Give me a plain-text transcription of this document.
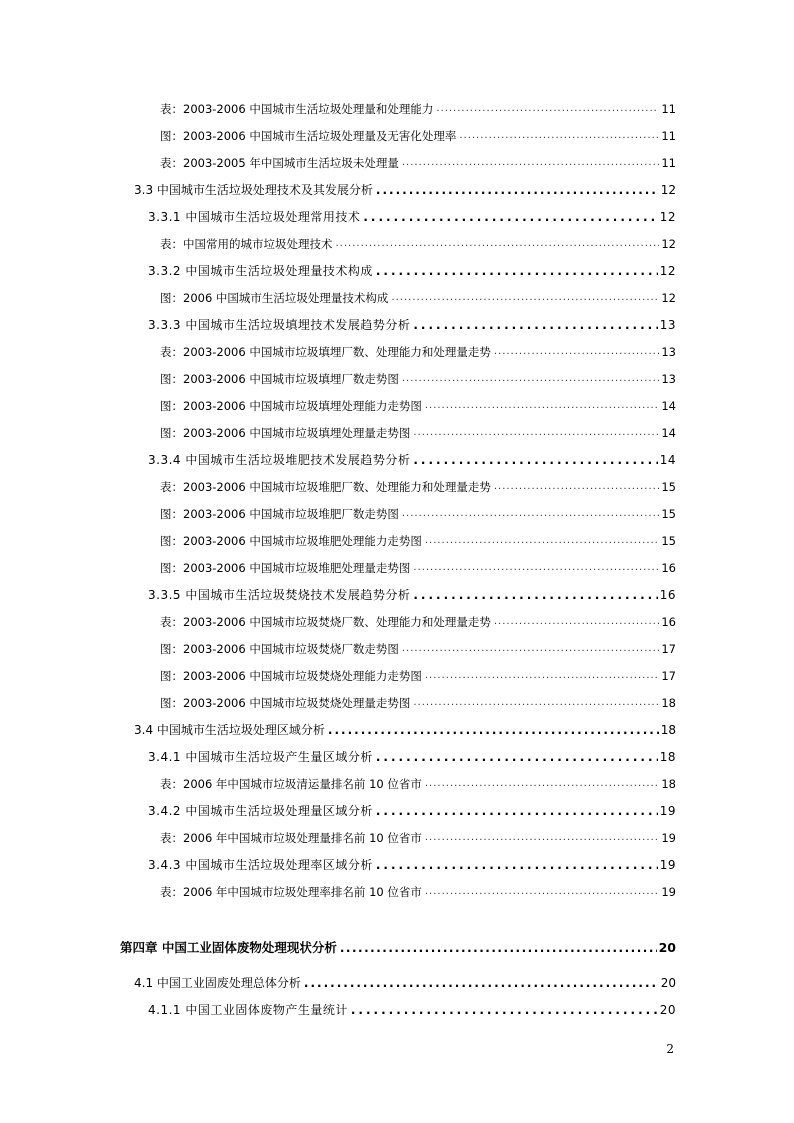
表：2003-2006 中国城市生活垃圾处理量和处理能力 .....	11
图：2003-2006 中国城市生活垃圾处理量及无害化处理率 .....	11
表：2003-2005 年中国城市生活垃圾未处理量 .....	11
3.3 中国城市生活垃圾处理技术及其发展分析 .....	12
3.3.1 中国城市生活垃圾处理常用技术 .....	12
表：中国常用的城市垃圾处理技术 .....	12
3.3.2 中国城市生活垃圾处理量技术构成 .....	12
图：2006 中国城市生活垃圾处理量技术构成 .....	12
3.3.3 中国城市生活垃圾填埋技术发展趋势分析 .....	13
表：2003-2006 中国城市垃圾填埋厂数、处理能力和处理量走势 .....	13
图：2003-2006 中国城市垃圾填埋厂数走势图 .....	13
图：2003-2006 中国城市垃圾填埋处理能力走势图 .....	14
图：2003-2006 中国城市垃圾填埋处理量走势图 .....	14
3.3.4 中国城市生活垃圾堆肥技术发展趋势分析 .....	14
表：2003-2006 中国城市垃圾堆肥厂数、处理能力和处理量走势 .....	15
图：2003-2006 中国城市垃圾堆肥厂数走势图 .....	15
图：2003-2006 中国城市垃圾堆肥处理能力走势图 .....	15
图：2003-2006 中国城市垃圾堆肥处理量走势图 .....	16
3.3.5 中国城市生活垃圾焚烧技术发展趋势分析 .....	16
表：2003-2006 中国城市垃圾焚烧厂数、处理能力和处理量走势 .....	16
图：2003-2006 中国城市垃圾焚烧厂数走势图 .....	17
图：2003-2006 中国城市垃圾焚烧处理能力走势图 .....	17
图：2003-2006 中国城市垃圾焚烧处理量走势图 .....	18
3.4 中国城市生活垃圾处理区域分析 .....	18
3.4.1 中国城市生活垃圾产生量区域分析 .....	18
表：2006 年中国城市垃圾清运量排名前 10 位省市 .....	18
3.4.2 中国城市生活垃圾处理量区域分析 .....	19
表：2006 年中国城市垃圾处理量排名前 10 位省市 .....	19
3.4.3 中国城市生活垃圾处理率区域分析 .....	19
表：2006 年中国城市垃圾处理率排名前 10 位省市 .....	19
第四章 中国工业固体废物处理现状分析 .....	20
4.1 中国工业固废处理总体分析 .....	20
4.1.1 中国工业固体废物产生量统计 .....	20
2
